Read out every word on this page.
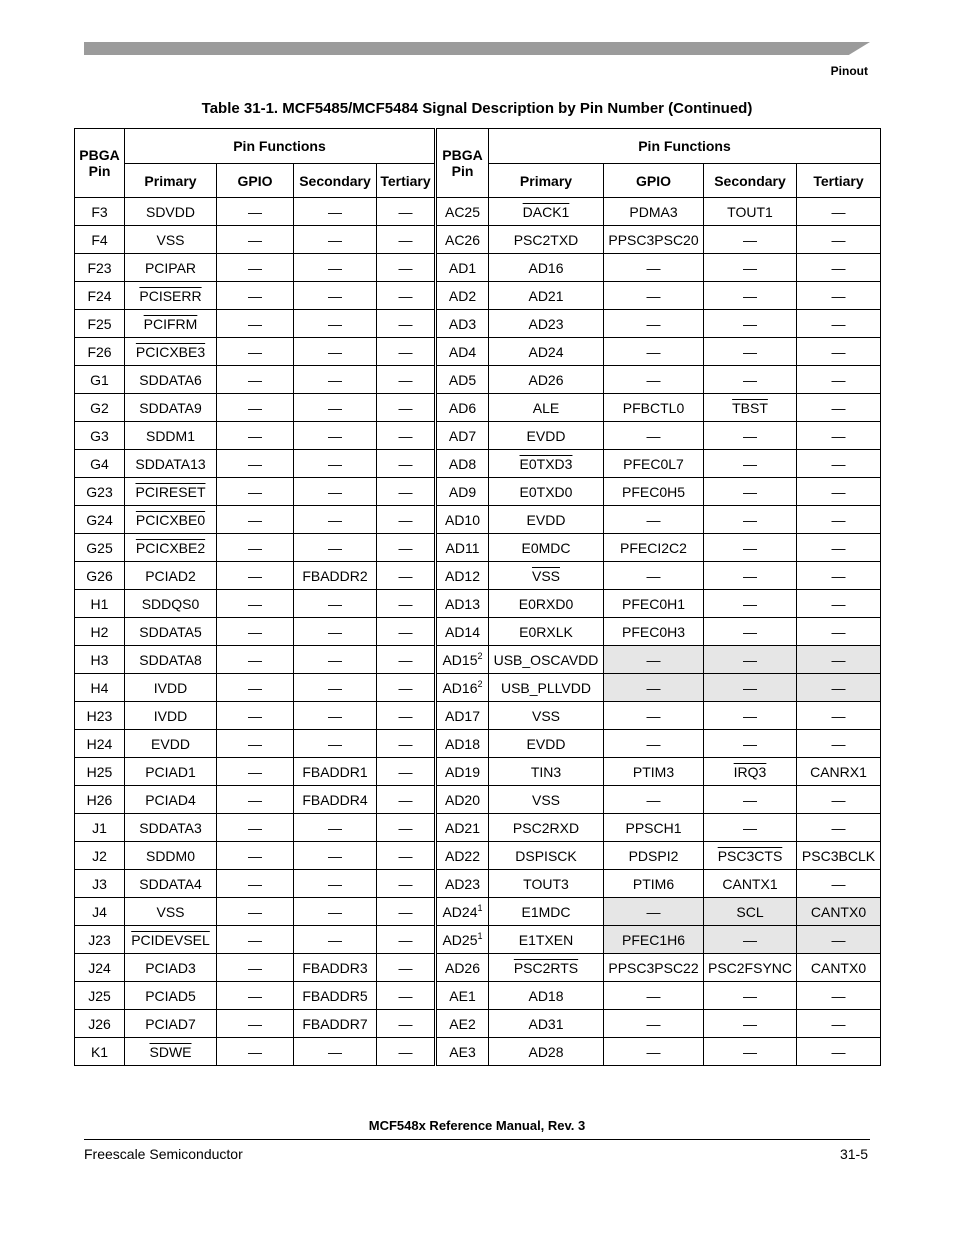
Pinout
Table 31-1. MCF5485/MCF5484 Signal Description by Pin Number (Continued)
PBGA Pin	Pin Functions				PBGA Pin	Pin Functions			
	Primary	GPIO	Secondary	Tertiary		Primary	GPIO	Secondary	Tertiary
F3	SDVDD	—	—	—	AC25	DACK1	PDMA3	TOUT1	—
F4	VSS	—	—	—	AC26	PSC2TXD	PPSC3PSC20	—	—
F23	PCIPAR	—	—	—	AD1	AD16	—	—	—
F24	PCISERR	—	—	—	AD2	AD21	—	—	—
F25	PCIFRM	—	—	—	AD3	AD23	—	—	—
F26	PCICXBE3	—	—	—	AD4	AD24	—	—	—
G1	SDDATA6	—	—	—	AD5	AD26	—	—	—
G2	SDDATA9	—	—	—	AD6	ALE	PFBCTL0	TBST	—
G3	SDDM1	—	—	—	AD7	EVDD	—	—	—
G4	SDDATA13	—	—	—	AD8	E0TXD3	PFEC0L7	—	—
G23	PCIRESET	—	—	—	AD9	E0TXD0	PFEC0H5	—	—
G24	PCICXBE0	—	—	—	AD10	EVDD	—	—	—
G25	PCICXBE2	—	—	—	AD11	E0MDC	PFECI2C2	—	—
G26	PCIAD2	—	FBADDR2	—	AD12	$\overline{VSS}$	—	—	—
H1	SDDQS0	—	—	—	AD13	E0RXD0	PFEC0H1	—	—
H2	SDDATA5	—	—	—	AD14	E0RXLK	PFEC0H3	—	—
H3	SDDATA8	—	—	—	$AD15^2$	USB_OSCAVDD	—	—	—
H4	IVDD	—	—	—	$AD16^2$	USB_PLLVDD	—	—	—
H23	IVDD	—	—	—	AD17	VSS	—	—	—
H24	EVDD	—	—	—	AD18	EVDD	—	—	—
H25	PCIAD1	—	FBADDR1	—	AD19	TIN3	PTIM3	IRQ3	CANRX1
H26	PCIAD4	—	FBADDR4	—	AD20	VSS	—	—	—
J1	SDDATA3	—	—	—	AD21	PSC2RXD	PPSCH1	—	—
J2	SDDM0	—	—	—	AD22	DSPISCK	PDSPI2	PSC3CTS	PSC3BCLK
J3	SDDATA4	—	—	—	AD23	TOUT3	PTIM6	CANTX1	—
J4	VSS	—	—	—	$AD24^1$	E1MDC	—	SCL	CANTX0
J23	PCIDEVSEL	—	—	—	$AD25^1$	E1TXEN	PFEC1H6	—	—
J24	PCIAD3	—	FBADDR3	—	AD26	PSC2RTS	PPSC3PSC22	PSC2FSYNC	CANTX0
J25	PCIAD5	—	FBADDR5	—	AE1	AD18	—	—	—
J26	PCIAD7	—	FBADDR7	—	AE2	AD31	—	—	—
K1	SDWE	—	—	—	AE3	AD28	—	—	—
MCF548x Reference Manual, Rev. 3
Freescale Semiconductor	31-5
